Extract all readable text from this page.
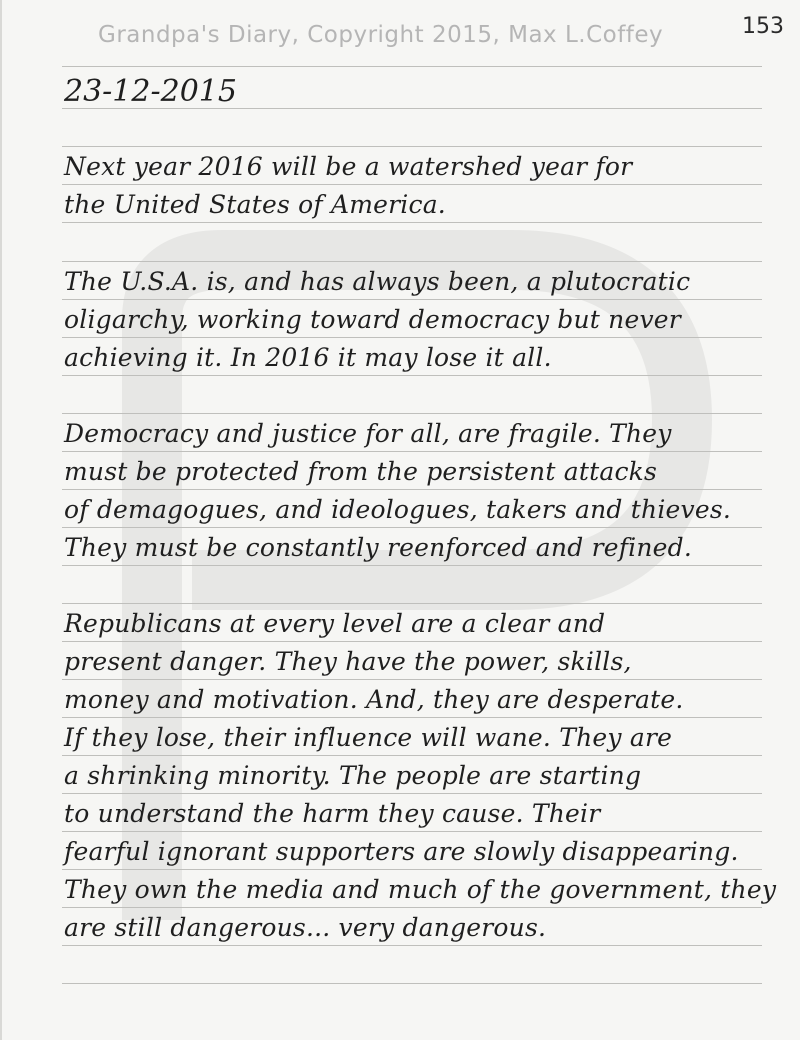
Grandpa's Diary, Copyright 2015, Max L.Coffey	153
23-12-2015
Next year 2016 will be a watershed year for
the United States of America.
The U.S.A. is, and has always been, a plutocratic
oligarchy, working toward democracy but never
achieving it. In 2016 it may lose it all.
Democracy and justice for all, are fragile. They
must be protected from the persistent attacks
of demagogues, and ideologues, takers and thieves.
They must be constantly reenforced and refined.
Republicans at every level are a clear and
present danger. They have the power, skills,
money and motivation. And, they are desperate.
If they lose, their influence will wane. They are
a shrinking minority. The people are starting
to understand the harm they cause. Their
fearful ignorant supporters are slowly disappearing.
They own the media and much of the government, they
are still dangerous... very dangerous.
